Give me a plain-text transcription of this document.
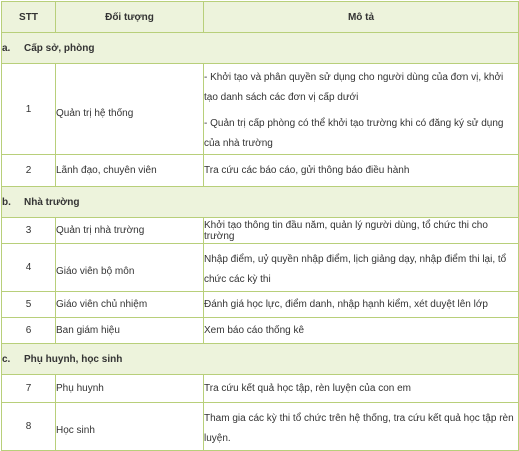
STT	Đối tượng	Mô tả
a. Cấp sở, phòng		
1	Quản trị hệ thống	- Khởi tạo và phân quyền sử dụng cho người dùng của đơn vị, khởi tạo danh sách các đơn vị cấp dưới

- Quản trị cấp phòng có thể khởi tạo trường khi có đăng ký sử dụng của nhà trường

2	Lãnh đạo, chuyên viên	Tra cứu các báo cáo, gửi thông báo điều hành
b. Nhà trường		
3	Quản trị nhà trường	Khởi tạo thông tin đầu năm, quản lý người dùng, tổ chức thi cho trường
4	Giáo viên bộ môn	Nhập điểm, uỷ quyền nhập điểm, lịch giảng dạy, nhập điểm thi lại, tổ chức các kỳ thi

5	Giáo viên chủ nhiệm	Đánh giá học lực, điểm danh, nhập hạnh kiểm, xét duyệt lên lớp
6	Ban giám hiệu	Xem báo cáo thống kê
c. Phụ huynh, học sinh		
7	Phụ huynh	Tra cứu kết quả học tập, rèn luyện của con em
8	Học sinh	Tham gia các kỳ thi tổ chức trên hệ thống, tra cứu kết quả học tập rèn luyện.
